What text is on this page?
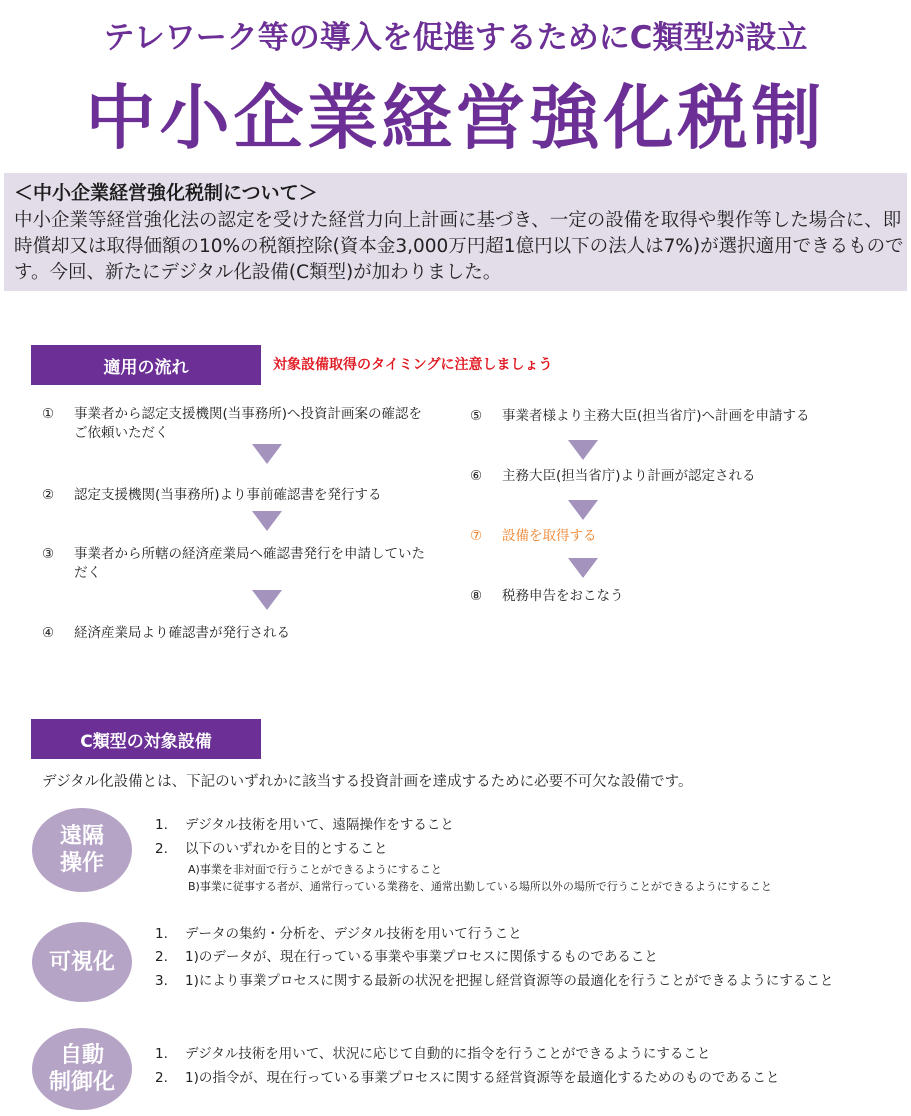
テレワーク等の導入を促進するためにC類型が設立
中小企業経営強化税制
＜中小企業経営強化税制について＞
中小企業等経営強化法の認定を受けた経営力向上計画に基づき、一定の設備を取得や製作等した場合に、即時償却又は取得価額の10%の税額控除(資本金3,000万円超1億円以下の法人は7%)が選択適用できるものです。今回、新たにデジタル化設備(C類型)が加わりました。
適用の流れ	対象設備取得のタイミングに注意しましょう
①	事業者から認定支援機関(当事務所)へ投資計画案の確認をご依頼いただく
②	認定支援機関(当事務所)より事前確認書を発行する
③	事業者から所轄の経済産業局へ確認書発行を申請していただく
④	経済産業局より確認書が発行される
⑤	事業者様より主務大臣(担当省庁)へ計画を申請する
⑥	主務大臣(担当省庁)より計画が認定される
⑦	設備を取得する
⑧	税務申告をおこなう
C類型の対象設備
デジタル化設備とは、下記のいずれかに該当する投資計画を達成するために必要不可欠な設備です。
遠隔
操作
1.	デジタル技術を用いて、遠隔操作をすること
2.	以下のいずれかを目的とすること
A)事業を非対面で行うことができるようにすること
B)事業に従事する者が、通常行っている業務を、通常出勤している場所以外の場所で行うことができるようにすること
可視化
1.	データの集約・分析を、デジタル技術を用いて行うこと
2.	1)のデータが、現在行っている事業や事業プロセスに関係するものであること
3.	1)により事業プロセスに関する最新の状況を把握し経営資源等の最適化を行うことができるようにすること
自動
制御化
1.	デジタル技術を用いて、状況に応じて自動的に指令を行うことができるようにすること
2.	1)の指令が、現在行っている事業プロセスに関する経営資源等を最適化するためのものであること
